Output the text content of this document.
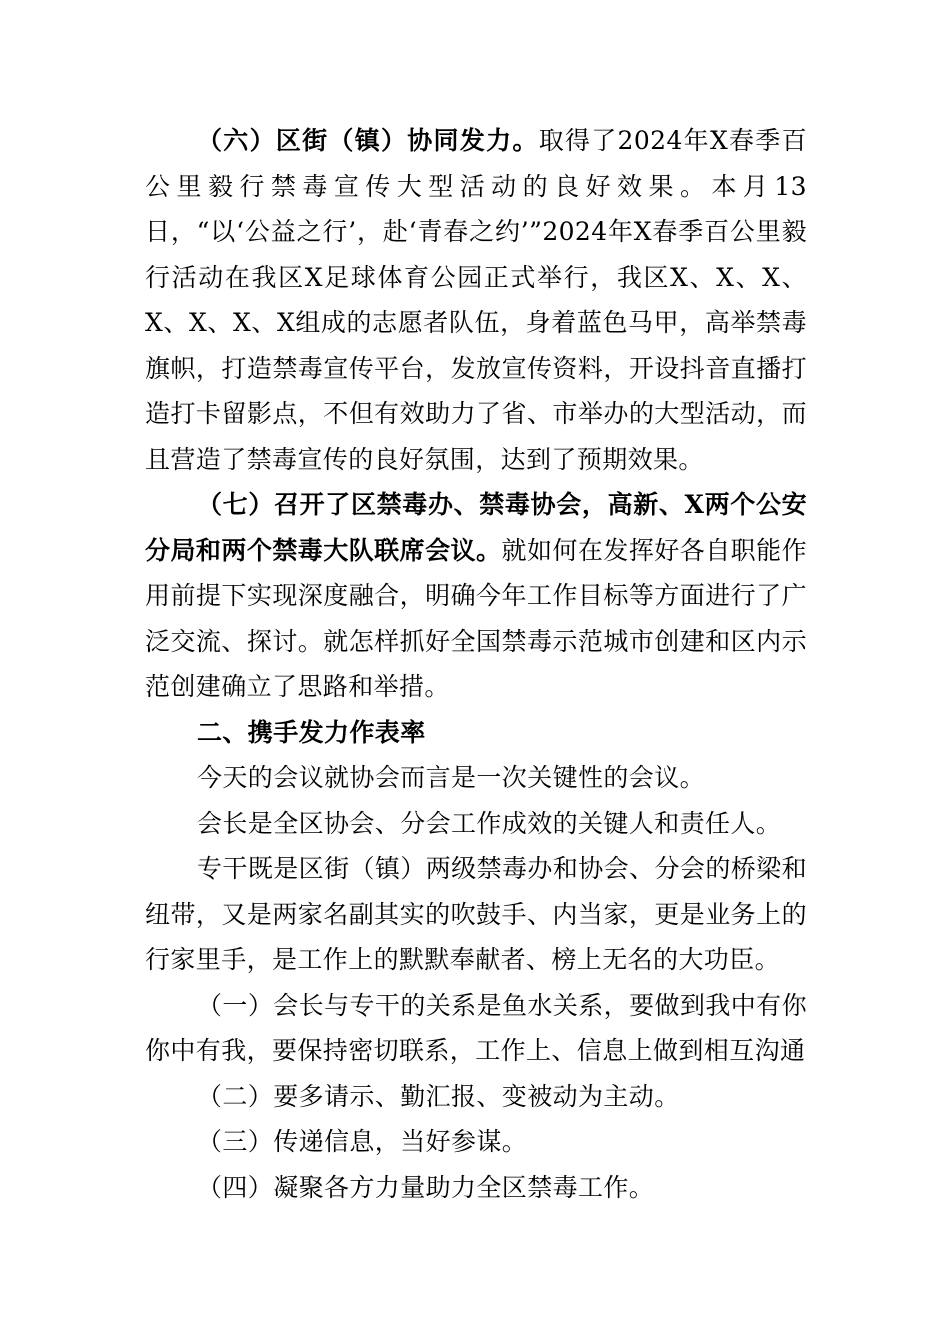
（六）区街（镇）协同发力。取得了2024年X春季百公里毅行禁毒宣传大型活动的良好效果。本月13日，“以‘公益之行’，赴‘青春之约’”2024年X春季百公里毅行活动在我区X足球体育公园正式举行，我区X、X、X、X、X、X、X组成的志愿者队伍，身着蓝色马甲，高举禁毒旗帜，打造禁毒宣传平台，发放宣传资料，开设抖音直播打造打卡留影点，不但有效助力了省、市举办的大型活动，而且营造了禁毒宣传的良好氛围，达到了预期效果。

（七）召开了区禁毒办、禁毒协会，高新、X两个公安分局和两个禁毒大队联席会议。就如何在发挥好各自职能作用前提下实现深度融合，明确今年工作目标等方面进行了广泛交流、探讨。就怎样抓好全国禁毒示范城市创建和区内示范创建确立了思路和举措。

二、携手发力作表率

今天的会议就协会而言是一次关键性的会议。

会长是全区协会、分会工作成效的关键人和责任人。

专干既是区街（镇）两级禁毒办和协会、分会的桥梁和纽带，又是两家名副其实的吹鼓手、内当家，更是业务上的行家里手，是工作上的默默奉献者、榜上无名的大功臣。

（一）会长与专干的关系是鱼水关系，要做到我中有你你中有我，要保持密切联系，工作上、信息上做到相互沟通

（二）要多请示、勤汇报、变被动为主动。

（三）传递信息，当好参谋。

（四）凝聚各方力量助力全区禁毒工作。
